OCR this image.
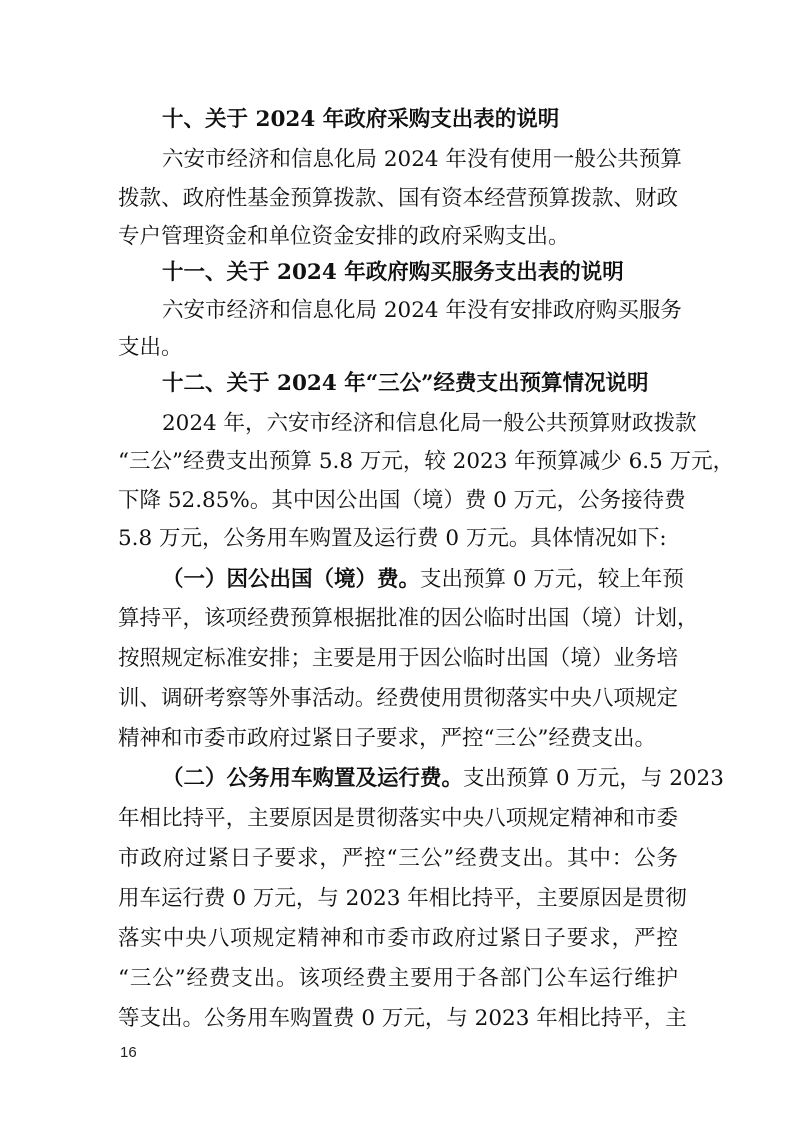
十、关于 2024 年政府采购支出表的说明
六安市经济和信息化局 2024 年没有使用一般公共预算
拨款、政府性基金预算拨款、国有资本经营预算拨款、财政
专户管理资金和单位资金安排的政府采购支出。
十一、关于 2024 年政府购买服务支出表的说明
六安市经济和信息化局 2024 年没有安排政府购买服务
支出。
十二、关于 2024 年“三公”经费支出预算情况说明
2024 年，六安市经济和信息化局一般公共预算财政拨款
“三公”经费支出预算 5.8 万元，较 2023 年预算减少 6.5 万元，
下降 52.85%。其中因公出国（境）费 0 万元，公务接待费
5.8 万元，公务用车购置及运行费 0 万元。具体情况如下:
（一）因公出国（境）费。支出预算 0 万元，较上年预
算持平，该项经费预算根据批准的因公临时出国（境）计划，
按照规定标准安排；主要是用于因公临时出国（境）业务培
训、调研考察等外事活动。经费使用贯彻落实中央八项规定
精神和市委市政府过紧日子要求，严控“三公”经费支出。
（二）公务用车购置及运行费。支出预算 0 万元，与 2023
年相比持平，主要原因是贯彻落实中央八项规定精神和市委
市政府过紧日子要求，严控“三公”经费支出。其中：公务
用车运行费 0 万元，与 2023 年相比持平，主要原因是贯彻
落实中央八项规定精神和市委市政府过紧日子要求，严控
“三公”经费支出。该项经费主要用于各部门公车运行维护
等支出。公务用车购置费 0 万元，与 2023 年相比持平，主
16
